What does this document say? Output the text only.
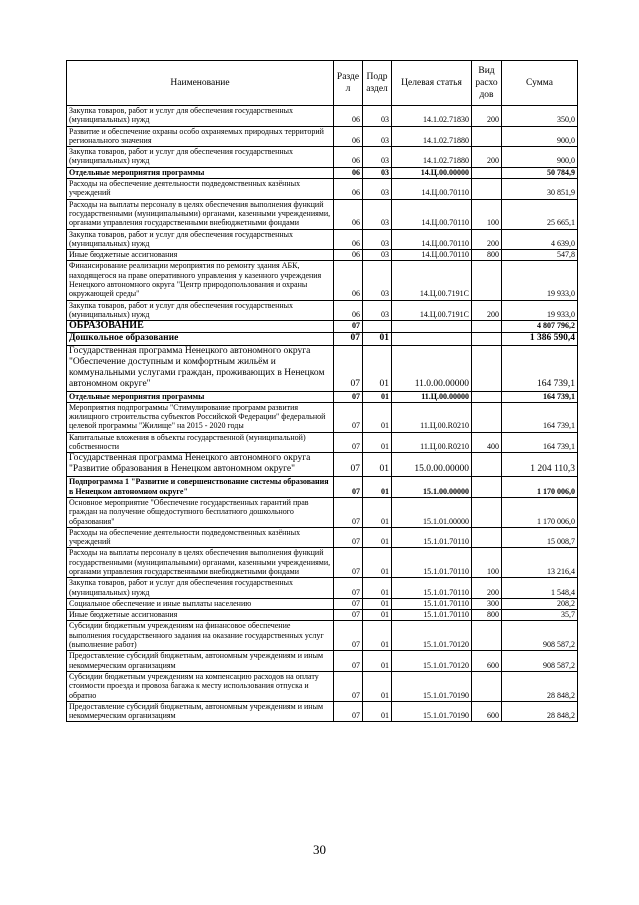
Наименование	Разде л	Подр аздел	Целевая статья	Вид расхо дов	Сумма
Закупка товаров, работ и услуг для обеспечения государственных (муниципальных) нужд	06	03	14.1.02.71830	200	350,0
Развитие и обеспечение охраны особо охраняемых природных территорий регионального значения	06	03	14.1.02.71880		900,0
Закупка товаров, работ и услуг для обеспечения государственных (муниципальных) нужд	06	03	14.1.02.71880	200	900,0
Отдельные мероприятия программы	06	03	14.Ц.00.00000		50 784,9
Расходы на обеспечение деятельности подведомственных казённых учреждений	06	03	14.Ц.00.70110		30 851,9
Расходы на выплаты персоналу в целях обеспечения выполнения функций государственными (муниципальными) органами, казенными учреждениями, органами управления государственными внебюджетными фондами	06	03	14.Ц.00.70110	100	25 665,1
Закупка товаров, работ и услуг для обеспечения государственных (муниципальных) нужд	06	03	14.Ц.00.70110	200	4 639,0
Иные бюджетные ассигнования	06	03	14.Ц.00.70110	800	547,8
Финансирование реализации мероприятия по ремонту здания АБК, находящегося на праве оперативного управления у казенного учреждения Ненецкого автономного округа "Центр природопользования и охраны окружающей среды"	06	03	14.Ц.00.7191С		19 933,0
Закупка товаров, работ и услуг для обеспечения государственных (муниципальных) нужд	06	03	14.Ц.00.7191С	200	19 933,0
ОБРАЗОВАНИЕ	07				4 807 796,2
Дошкольное образование	07	01			1 386 590,4
Государственная программа Ненецкого автономного округа "Обеспечение доступным и комфортным жильём и коммунальными услугами граждан, проживающих в Ненецком автономном округе"	07	01	11.0.00.00000		164 739,1
Отдельные мероприятия программы	07	01	11.Ц.00.00000		164 739,1
Мероприятия подпрограммы "Стимулирование программ развития жилищного строительства субъектов Российской Федерации" федеральной целевой программы "Жилище" на 2015 - 2020 годы	07	01	11.Ц.00.R0210		164 739,1
Капитальные вложения в объекты государственной (муниципальной) собственности	07	01	11.Ц.00.R0210	400	164 739,1
Государственная программа Ненецкого автономного округа "Развитие образования в Ненецком автономном округе"	07	01	15.0.00.00000		1 204 110,3
Подпрограмма 1 "Развитие и совершенствование системы образования в Ненецком автономном округе"	07	01	15.1.00.00000		1 170 006,0
Основное мероприятие "Обеспечение государственных гарантий прав граждан на получение общедоступного бесплатного дошкольного образования"	07	01	15.1.01.00000		1 170 006,0
Расходы на обеспечение деятельности подведомственных казённых учреждений	07	01	15.1.01.70110		15 008,7
Расходы на выплаты персоналу в целях обеспечения выполнения функций государственными (муниципальными) органами, казенными учреждениями, органами управления государственными внебюджетными фондами	07	01	15.1.01.70110	100	13 216,4
Закупка товаров, работ и услуг для обеспечения государственных (муниципальных) нужд	07	01	15.1.01.70110	200	1 548,4
Социальное обеспечение и иные выплаты населению	07	01	15.1.01.70110	300	208,2
Иные бюджетные ассигнования	07	01	15.1.01.70110	800	35,7
Субсидии бюджетным учреждениям на финансовое обеспечение выполнения государственного задания на оказание государственных услуг (выполнение работ)	07	01	15.1.01.70120		908 587,2
Предоставление субсидий бюджетным, автономным учреждениям и иным некоммерческим организациям	07	01	15.1.01.70120	600	908 587,2
Субсидии бюджетным учреждениям на компенсацию расходов на оплату стоимости проезда и провоза багажа к месту использования отпуска и обратно	07	01	15.1.01.70190		28 848,2
Предоставление субсидий бюджетным, автономным учреждениям и иным некоммерческим организациям	07	01	15.1.01.70190	600	28 848,2
30
